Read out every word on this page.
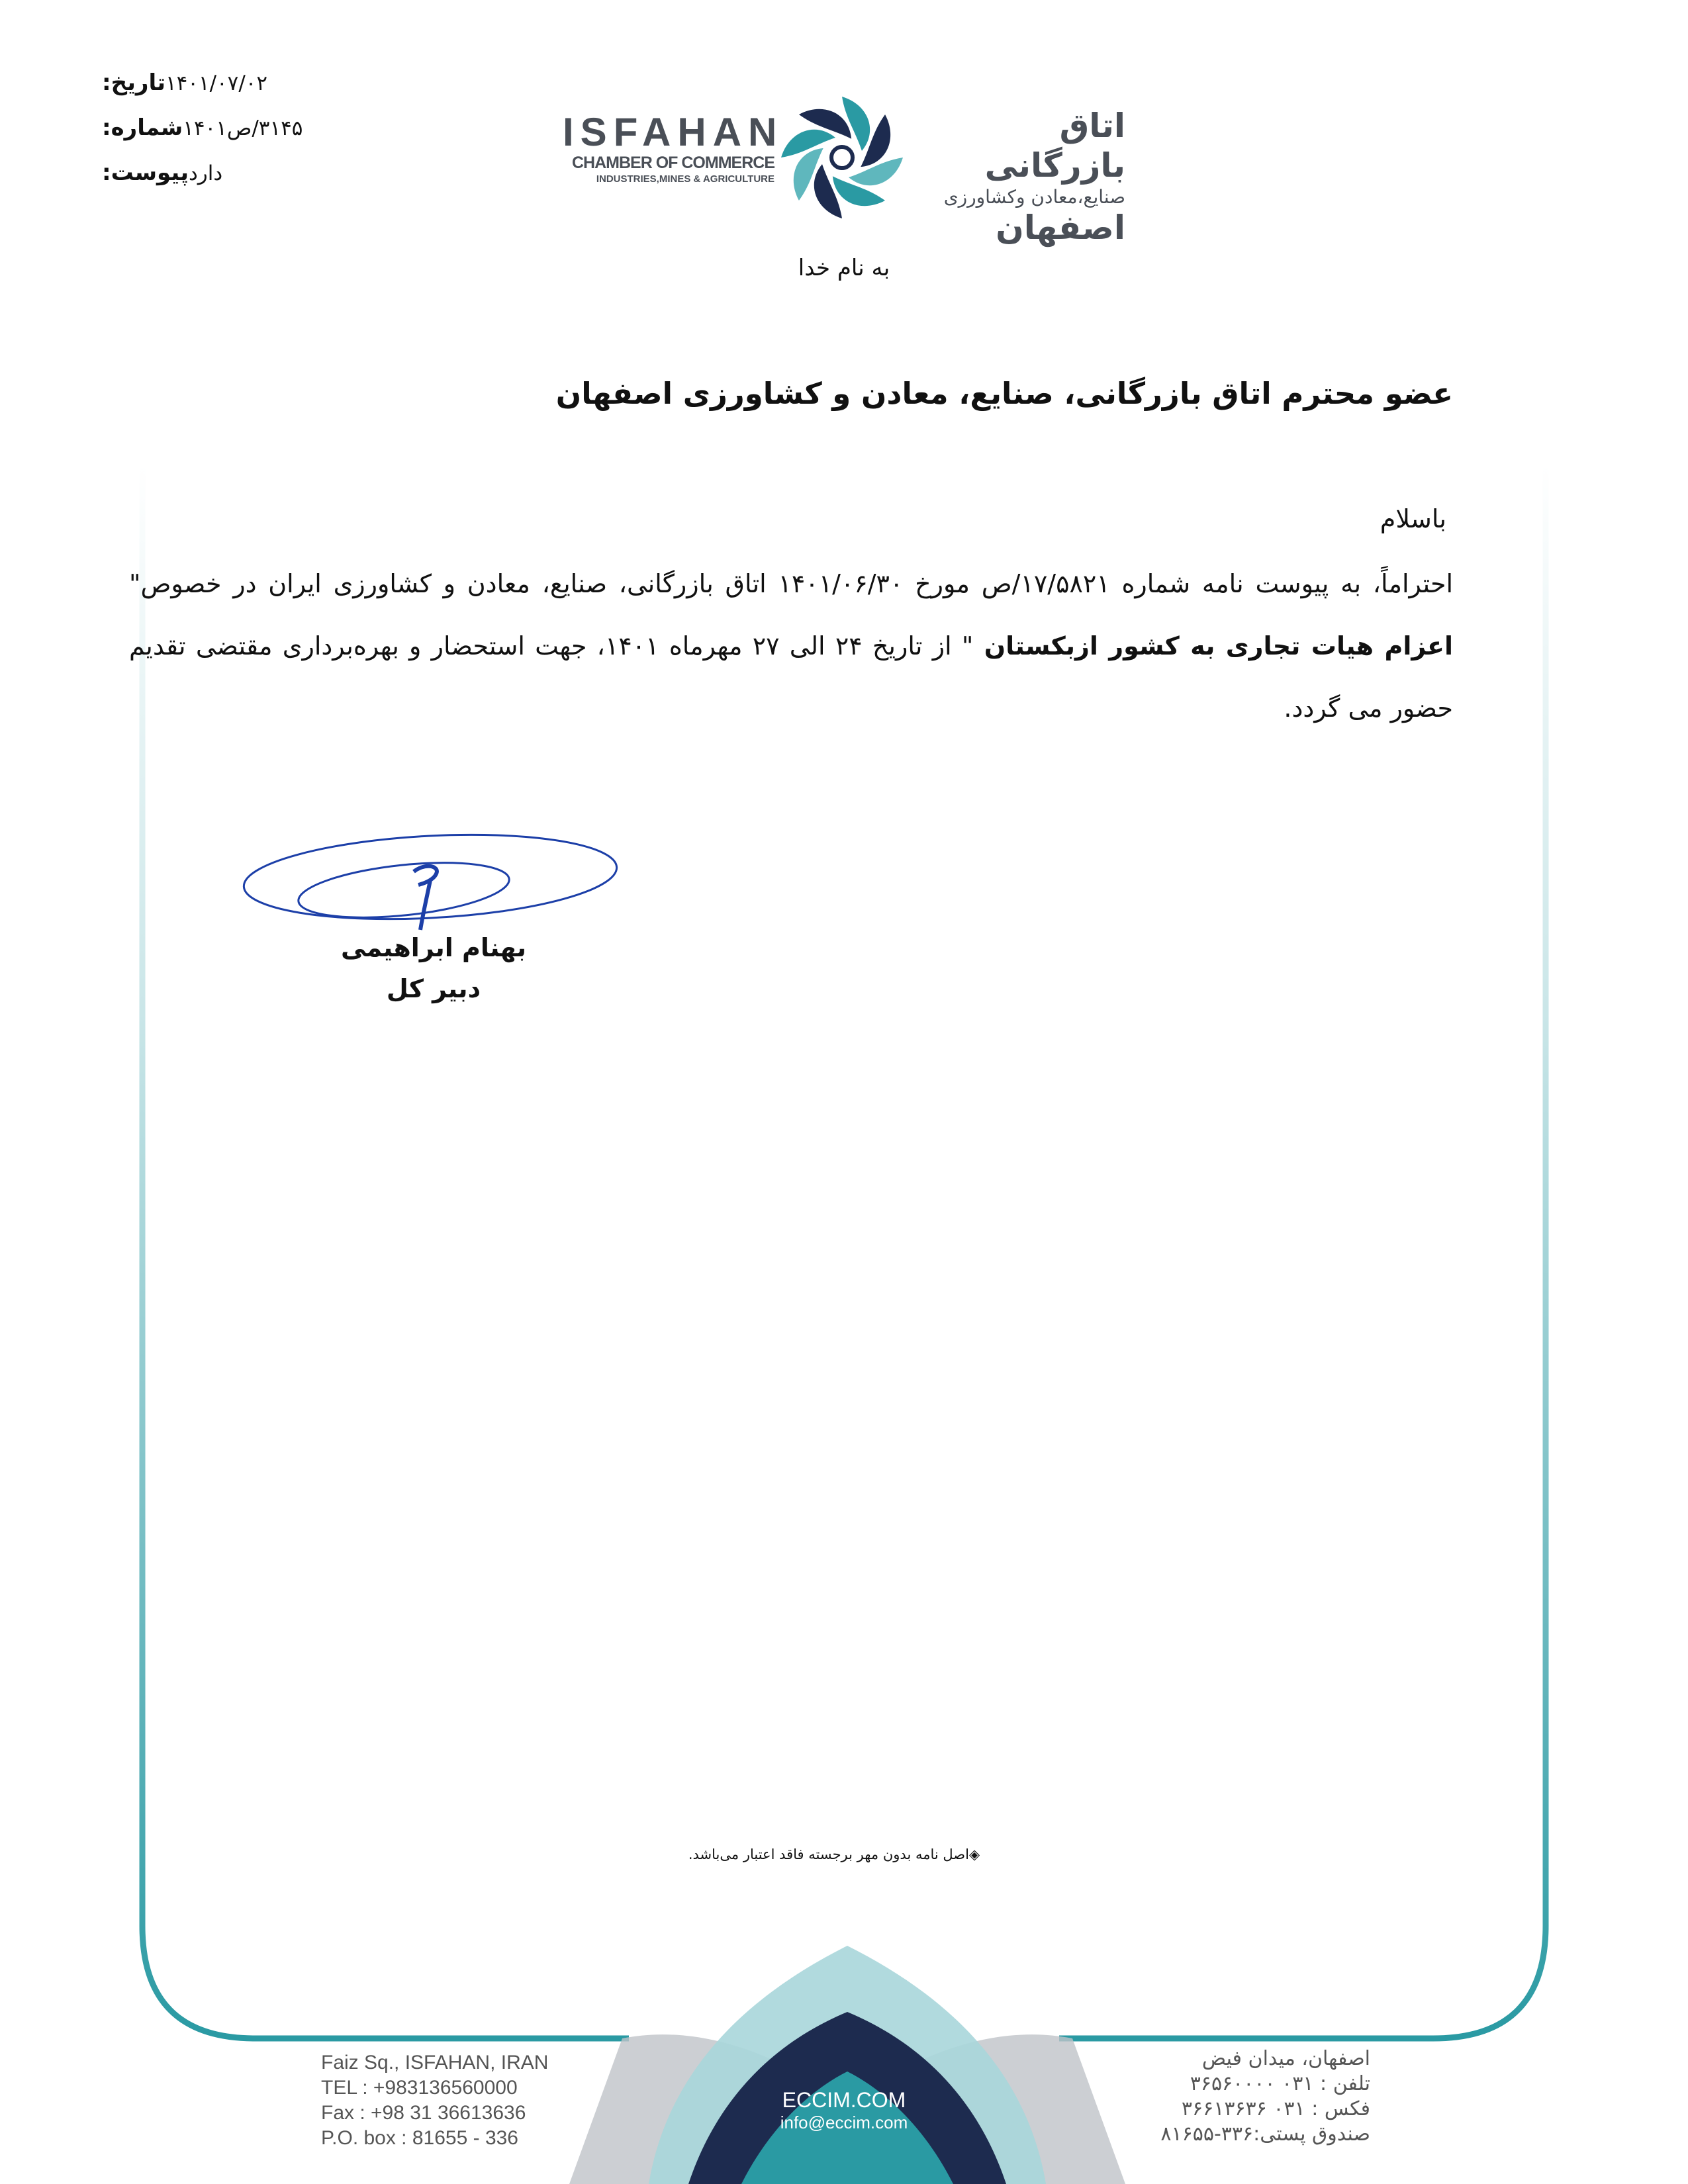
تاریخ: ۱۴۰۱/۰۷/۰۲
شماره: ۳۱۴۵/ص۱۴۰۱
پیوست: دارد
ISFAHAN
CHAMBER OF COMMERCE
INDUSTRIES,MINES & AGRICULTURE
اتاق بازرگانی
صنایع،معادن وکشاورزی
اصفهان
به نام خدا
عضو محترم اتاق بازرگانی، صنایع، معادن و کشاورزی اصفهان
باسلام
احتراماً، به پیوست نامه شماره ۱۷/۵۸۲۱/ص مورخ ۱۴۰۱/۰۶/۳۰ اتاق بازرگانی، صنایع، معادن و کشاورزی ایران در خصوص" اعزام هیات تجاری به کشور ازبکستان " از تاریخ ۲۴ الی ۲۷ مهرماه ۱۴۰۱، جهت استحضار و بهره‌برداری مقتضی تقدیم حضور می گردد.
بهنام ابراهیمی
دبیر کل
◈اصل نامه بدون مهر برجسته فاقد اعتبار می‌باشد.
ECCIM.COM
info@eccim.com
Faiz Sq., ISFAHAN, IRAN
TEL : +983136560000
Fax : +98 31 36613636
P.O. box : 81655 - 336
اصفهان، میدان فیض
تلفن : ۰۳۱ ۳۶۵۶۰۰۰۰
فکس : ۰۳۱ ۳۶۶۱۳۶۳۶
صندوق پستی:۳۳۶-۸۱۶۵۵
